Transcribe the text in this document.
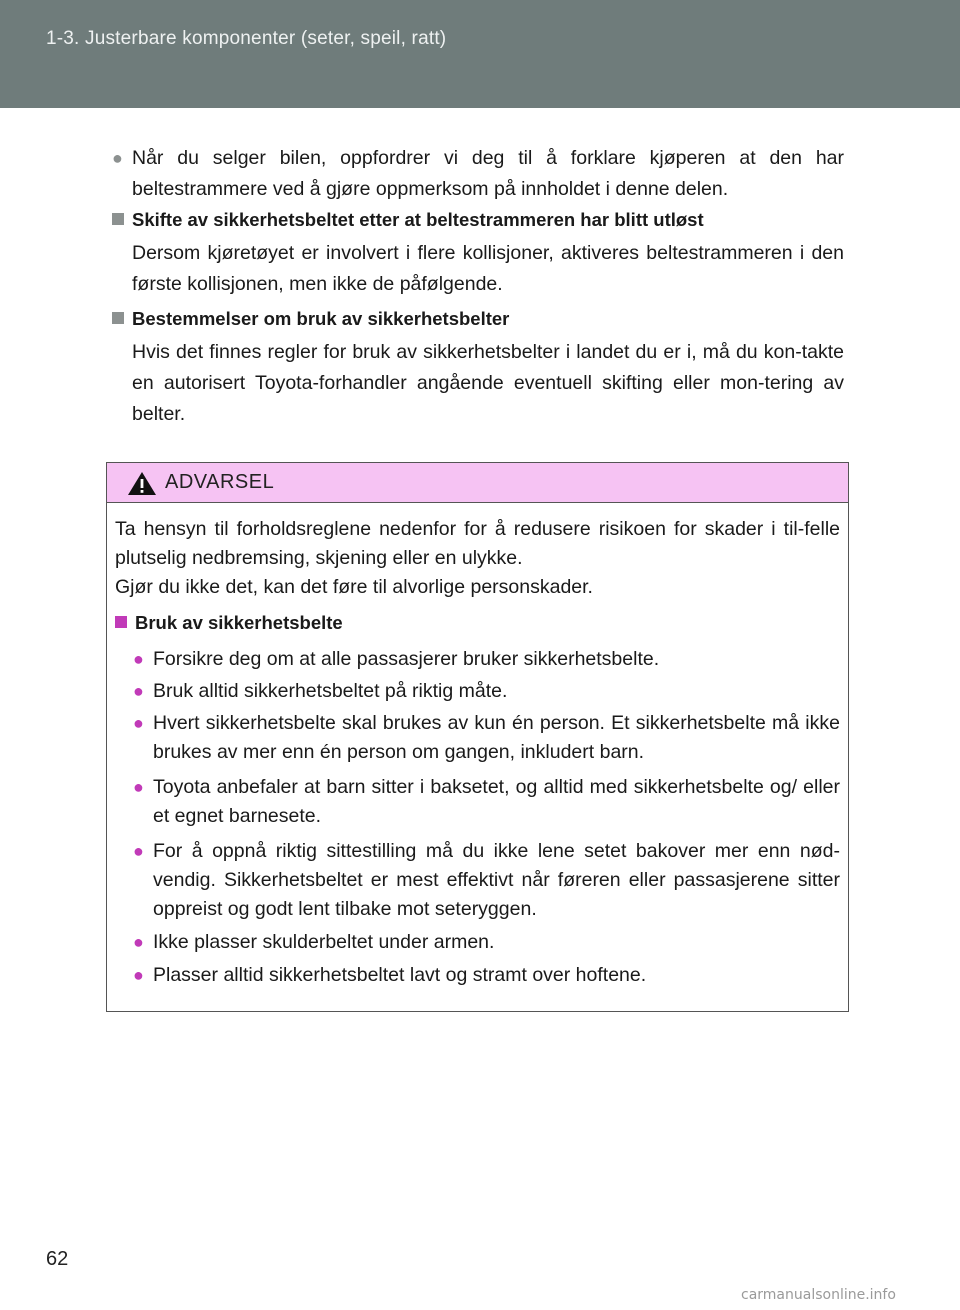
1-3. Justerbare komponenter (seter, speil, ratt)
● Når du selger bilen, oppfordrer vi deg til å forklare kjøperen at den har beltestrammere ved å gjøre oppmerksom på innholdet i denne delen.
Skifte av sikkerhetsbeltet etter at beltestrammeren har blitt utløst
Dersom kjøretøyet er involvert i flere kollisjoner, aktiveres beltestrammeren i den første kollisjonen, men ikke de påfølgende.
Bestemmelser om bruk av sikkerhetsbelter
Hvis det finnes regler for bruk av sikkerhetsbelter i landet du er i, må du kon-takte en autorisert Toyota-forhandler angående eventuell skifting eller mon-tering av belter.
ADVARSEL
Ta hensyn til forholdsreglene nedenfor for å redusere risikoen for skader i til-felle plutselig nedbremsing, skjening eller en ulykke.
Gjør du ikke det, kan det føre til alvorlige personskader.
Bruk av sikkerhetsbelte
● Forsikre deg om at alle passasjerer bruker sikkerhetsbelte.
● Bruk alltid sikkerhetsbeltet på riktig måte.
● Hvert sikkerhetsbelte skal brukes av kun én person. Et sikkerhetsbelte må ikke brukes av mer enn én person om gangen, inkludert barn.
● Toyota anbefaler at barn sitter i baksetet, og alltid med sikkerhetsbelte og/ eller et egnet barnesete.
● For å oppnå riktig sittestilling må du ikke lene setet bakover mer enn nød-vendig. Sikkerhetsbeltet er mest effektivt når føreren eller passasjerene sitter oppreist og godt lent tilbake mot seteryggen.
● Ikke plasser skulderbeltet under armen.
● Plasser alltid sikkerhetsbeltet lavt og stramt over hoftene.
62
carmanualsonline.info
